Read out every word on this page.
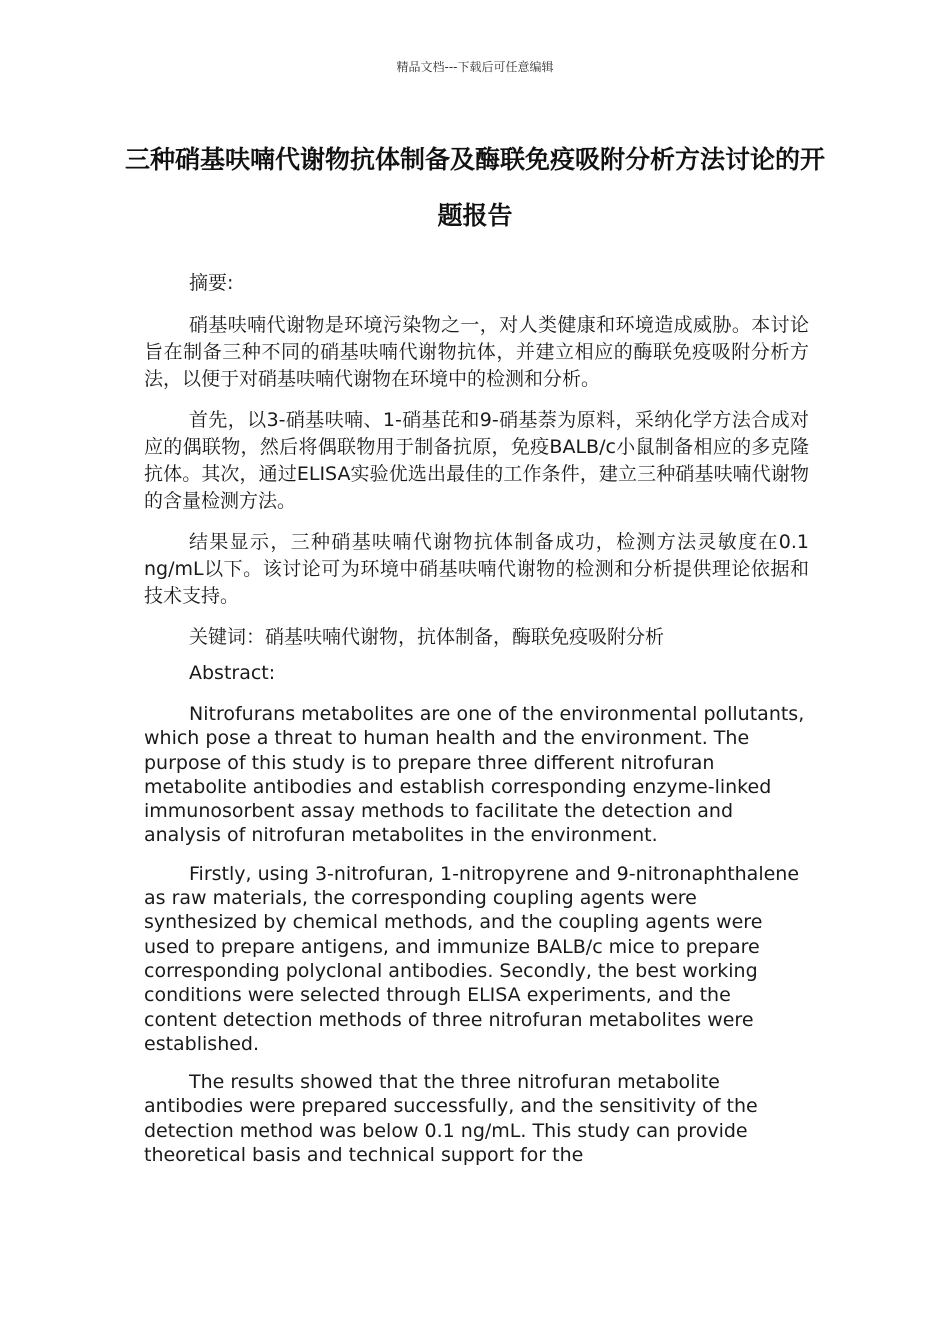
精品文档---下载后可任意编辑
三种硝基呋喃代谢物抗体制备及酶联免疫吸附分析方法讨论的开题报告

摘要:

硝基呋喃代谢物是环境污染物之一，对人类健康和环境造成威胁。本讨论旨在制备三种不同的硝基呋喃代谢物抗体，并建立相应的酶联免疫吸附分析方法，以便于对硝基呋喃代谢物在环境中的检测和分析。

首先，以3-硝基呋喃、1-硝基芘和9-硝基萘为原料，采纳化学方法合成对应的偶联物，然后将偶联物用于制备抗原，免疫BALB/c小鼠制备相应的多克隆抗体。其次，通过ELISA实验优选出最佳的工作条件，建立三种硝基呋喃代谢物的含量检测方法。

结果显示，三种硝基呋喃代谢物抗体制备成功，检测方法灵敏度在0.1 ng/mL以下。该讨论可为环境中硝基呋喃代谢物的检测和分析提供理论依据和技术支持。

关键词：硝基呋喃代谢物，抗体制备，酶联免疫吸附分析

Abstract:

Nitrofurans metabolites are one of the environmental pollutants, which pose a threat to human health and the environment. The purpose of this study is to prepare three different nitrofuran metabolite antibodies and establish corresponding enzyme-linked immunosorbent assay methods to facilitate the detection and analysis of nitrofuran metabolites in the environment.

Firstly, using 3-nitrofuran, 1-nitropyrene and 9-nitronaphthalene as raw materials, the corresponding coupling agents were synthesized by chemical methods, and the coupling agents were used to prepare antigens, and immunize BALB/c mice to prepare corresponding polyclonal antibodies. Secondly, the best working conditions were selected through ELISA experiments, and the content detection methods of three nitrofuran metabolites were established.

The results showed that the three nitrofuran metabolite antibodies were prepared successfully, and the sensitivity of the detection method was below 0.1 ng/mL. This study can provide theoretical basis and technical support for the
